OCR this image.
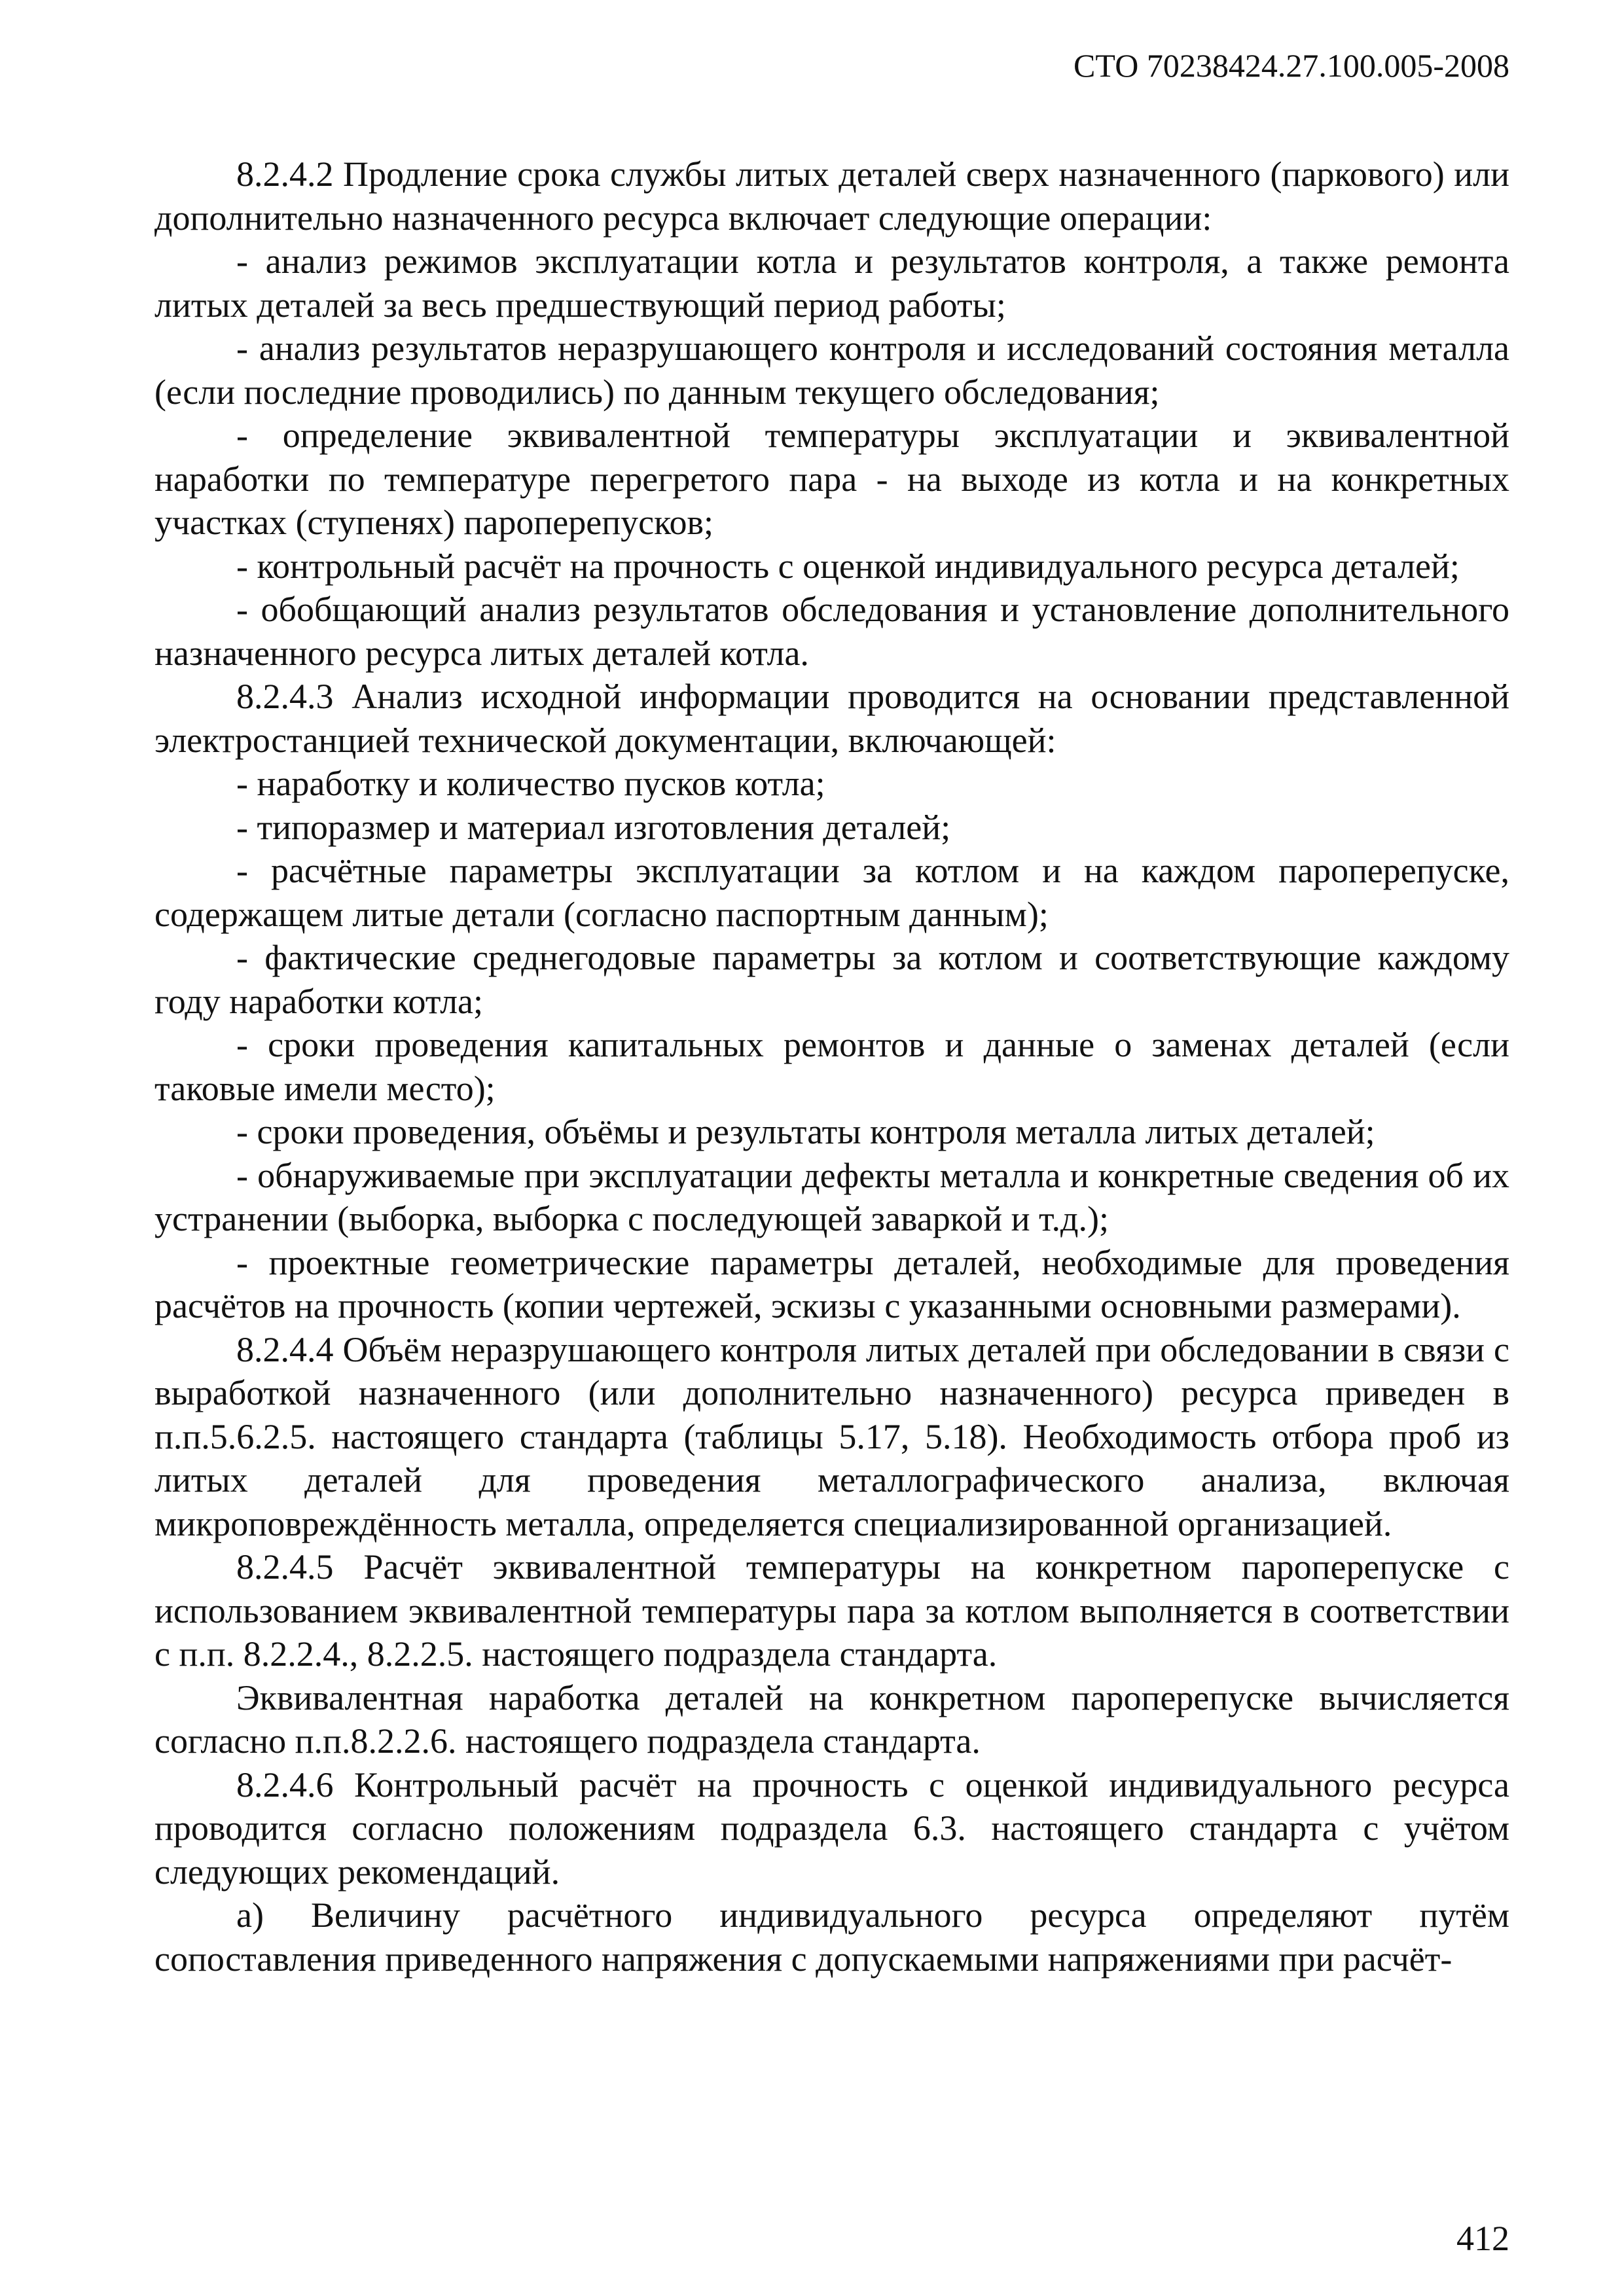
СТО 70238424.27.100.005-2008

8.2.4.2 Продление срока службы литых деталей сверх назначенного (паркового) или дополнительно назначенного ресурса включает следующие операции:

- анализ режимов эксплуатации котла и результатов контроля, а также ремонта литых деталей за весь предшествующий период работы;

- анализ результатов неразрушающего контроля и исследований состояния металла (если последние проводились) по данным текущего обследования;

- определение эквивалентной температуры эксплуатации и эквивалентной наработки по температуре перегретого пара - на выходе из котла и на конкретных участках (ступенях) пароперепусков;

- контрольный расчёт на прочность с оценкой индивидуального ресурса деталей;

- обобщающий анализ результатов обследования и установление дополнительного назначенного ресурса литых деталей котла.

8.2.4.3 Анализ исходной информации проводится на основании представленной электростанцией технической документации, включающей:

- наработку и количество пусков котла;

- типоразмер и материал изготовления деталей;

- расчётные параметры эксплуатации за котлом и на каждом пароперепуске, содержащем литые детали (согласно паспортным данным);

- фактические среднегодовые параметры за котлом и соответствующие каждому году наработки котла;

- сроки проведения капитальных ремонтов и данные о заменах деталей (если таковые имели место);

- сроки проведения, объёмы и результаты контроля металла литых деталей;

- обнаруживаемые при эксплуатации дефекты металла и конкретные сведения об их устранении (выборка, выборка с последующей заваркой и т.д.);

- проектные геометрические параметры деталей, необходимые для проведения расчётов на прочность (копии чертежей, эскизы с указанными основными размерами).

8.2.4.4 Объём неразрушающего контроля литых деталей при обследовании в связи с выработкой назначенного (или дополнительно назначенного) ресурса приведен в п.п.5.6.2.5. настоящего стандарта (таблицы 5.17, 5.18). Необходимость отбора проб из литых деталей для проведения металлографического анализа, включая микроповреждённость металла, определяется специализированной организацией.

8.2.4.5 Расчёт эквивалентной температуры на конкретном пароперепуске с использованием эквивалентной температуры пара за котлом выполняется в соответствии с п.п. 8.2.2.4., 8.2.2.5. настоящего подраздела стандарта.

Эквивалентная наработка деталей на конкретном пароперепуске вычисляется согласно п.п.8.2.2.6. настоящего подраздела стандарта.

8.2.4.6 Контрольный расчёт на прочность с оценкой индивидуального ресурса проводится согласно положениям подраздела 6.3. настоящего стандарта с учётом следующих рекомендаций.

а) Величину расчётного индивидуального ресурса определяют путём сопоставления приведенного напряжения с допускаемыми напряжениями при расчёт-

412
